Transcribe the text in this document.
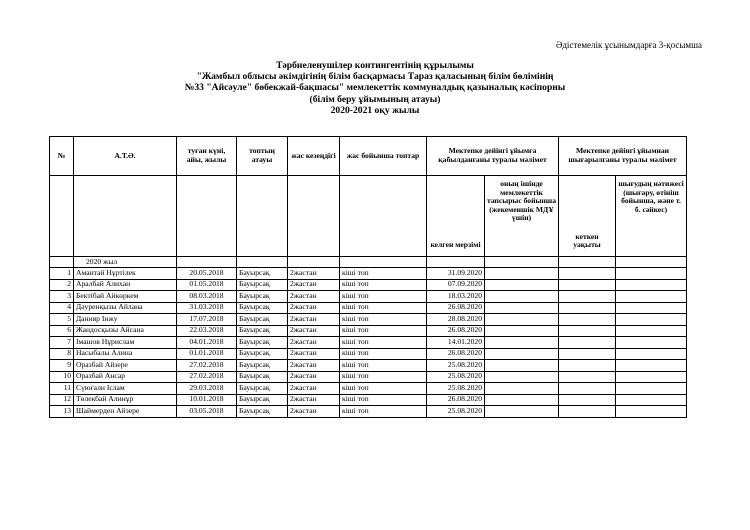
Әдістемелік ұсынымдарға 3-қосымша
Тәрбиеленушілер контингентінің құрылымы
"Жамбыл облысы әкімдігінің білім басқармасы Тараз қаласының білім бөлімінің
№33 "Айсәуле" бөбекжай-бақшасы" мемлекеттік коммуналдық қазыналық кәсіпорны
(білім беру ұйымының атауы)
2020-2021 оқу жылы
№	А.Т.Ә.	туған күні, айы, жылы	топтың атауы	жас кезеңдігі	жас бойынша топтар	Мектепке дейінгі ұйымға қабылданғаны туралы мәлімет		Мектепке дейінгі ұйымнан шығарылғаны туралы мәлімет	
						келген мерзімі	оның ішінде мемлекеттік тапсырыс бойынша (жекеменшік МДҰ үшін)	кеткен уақыты	шығудың нәтижесі (шығару, өтініш бойынша, және т. б. сәйкес)
	2020 жыл								
1	Амантай Нұртілек	20.05.2018	Бауырсақ	2жастан	кіші топ	31.09.2020			
2	Аралбай Алихан	01.05.2018	Бауырсақ	2жастан	кіші топ	07.09.2020			
3	Бектібай Айкөркем	08.03.2018	Бауырсақ	2жастан	кіші топ	18.03.2020			
4	Дәуренқызы Айлана	31.03.2018	Бауырсақ	2жастан	кіші топ	26.08.2020			
5	Данияр Інжу	17.07.2018	Бауырсақ	2жастан	кіші топ	28.08.2020			
6	Жандосқызы Айсана	22.03.2018	Бауырсақ	2жастан	кіші топ	26.08.2020			
7	Імашов Нұрислам	04.01.2018	Бауырсақ	2жастан	кіші топ	14.01.2020			
8	Насыбалы Алина	01.01.2018	Бауырсақ	2жастан	кіші топ	26.08.2020			
9	Оразбай Айзере	27.02.2018	Бауырсақ	2жастан	кіші топ	25.08.2020			
10	Оразбай Ансар	27.02.2018	Бауырсақ	2жастан	кіші топ	25.08.2020			
11	Сүюғали Іслам	29.03.2018	Бауырсақ	2жастан	кіші топ	25.08.2020			
12	Төлекбай Алинұр	10.01.2018	Бауырсақ	2жастан	кіші топ	26.08.2020			
13	Шаймерден Айзере	03.05.2018	Бауырсақ	2жастан	кіші топ	25.08.2020			
